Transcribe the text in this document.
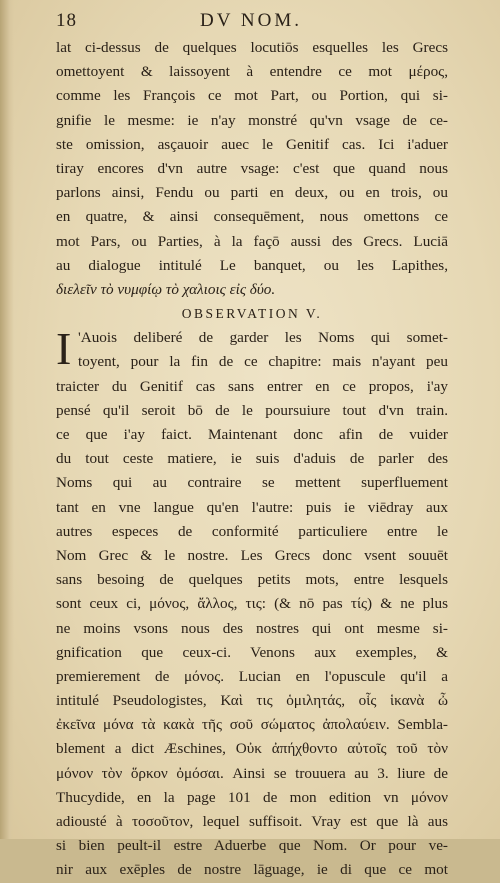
18	DV NOM.
lat ci-dessus de quelques locutiōs esquelles les Grecs
omettoyent & laissoyent à entendre ce mot μέρος,
comme les François ce mot Part, ou Portion, qui si-
gnifie le mesme: ie n'ay monstré qu'vn vsage de ce-
ste omission, asçauoir auec le Genitif cas. Ici i'aduer
tiray encores d'vn autre vsage: c'est que quand nous
parlons ainsi, Fendu ou parti en deux, ou en trois, ou
en quatre, & ainsi consequēment, nous omettons ce
mot Pars, ou Parties, à la façō aussi des Grecs. Luciā
au dialogue intitulé Le banquet, ou les Lapithes,
διελεῖν τὸ νυμφίῳ τὸ χαλιοις εἰς δύο.
OBSERVATION V.
I 'Auois deliberé de garder les Noms qui somet-
toyent, pour la fin de ce chapitre: mais n'ayant peu
traicter du Genitif cas sans entrer en ce propos, i'ay
pensé qu'il seroit bō de le poursuiure tout d'vn train.
ce que i'ay faict. Maintenant donc afin de vuider
du tout ceste matiere, ie suis d'aduis de parler des
Noms qui au contraire se mettent superfluement
tant en vne langue qu'en l'autre: puis ie viēdray aux
autres especes de conformité particuliere entre le
Nom Grec & le nostre. Les Grecs donc vsent souuēt
sans besoing de quelques petits mots, entre lesquels
sont ceux ci, μόνος, ἄλλος, τις: (& nō pas τίς) & ne plus
ne moins vsons nous des nostres qui ont mesme si-
gnification que ceux-ci. Venons aux exemples, &
premierement de μόνος. Lucian en l'opuscule qu'il a
intitulé Pseudologistes, Καὶ τις ὁμιλητάς, οἷς ἱκανὰ ὦ
ἐκεῖνα μόνα τὰ κακὰ τῆς σοῦ σώματος ἀπολαύειν. Sembla-
blement a dict Æschines, Οὐκ ἀπήχθοντο αὐτοῖς τοῦ τὸν
μόνον τὸν ὅρκον ὀμόσαι. Ainsi se trouuera au 3. liure de
Thucydide, en la page 101 de mon edition vn μόνον
adiousté à τοσοῦτον, lequel suffisoit. Vray est que là aus
si bien peult-il estre Aduerbe que Nom. Or pour ve-
nir aux exēples de nostre lāguage, ie di que ce mot
